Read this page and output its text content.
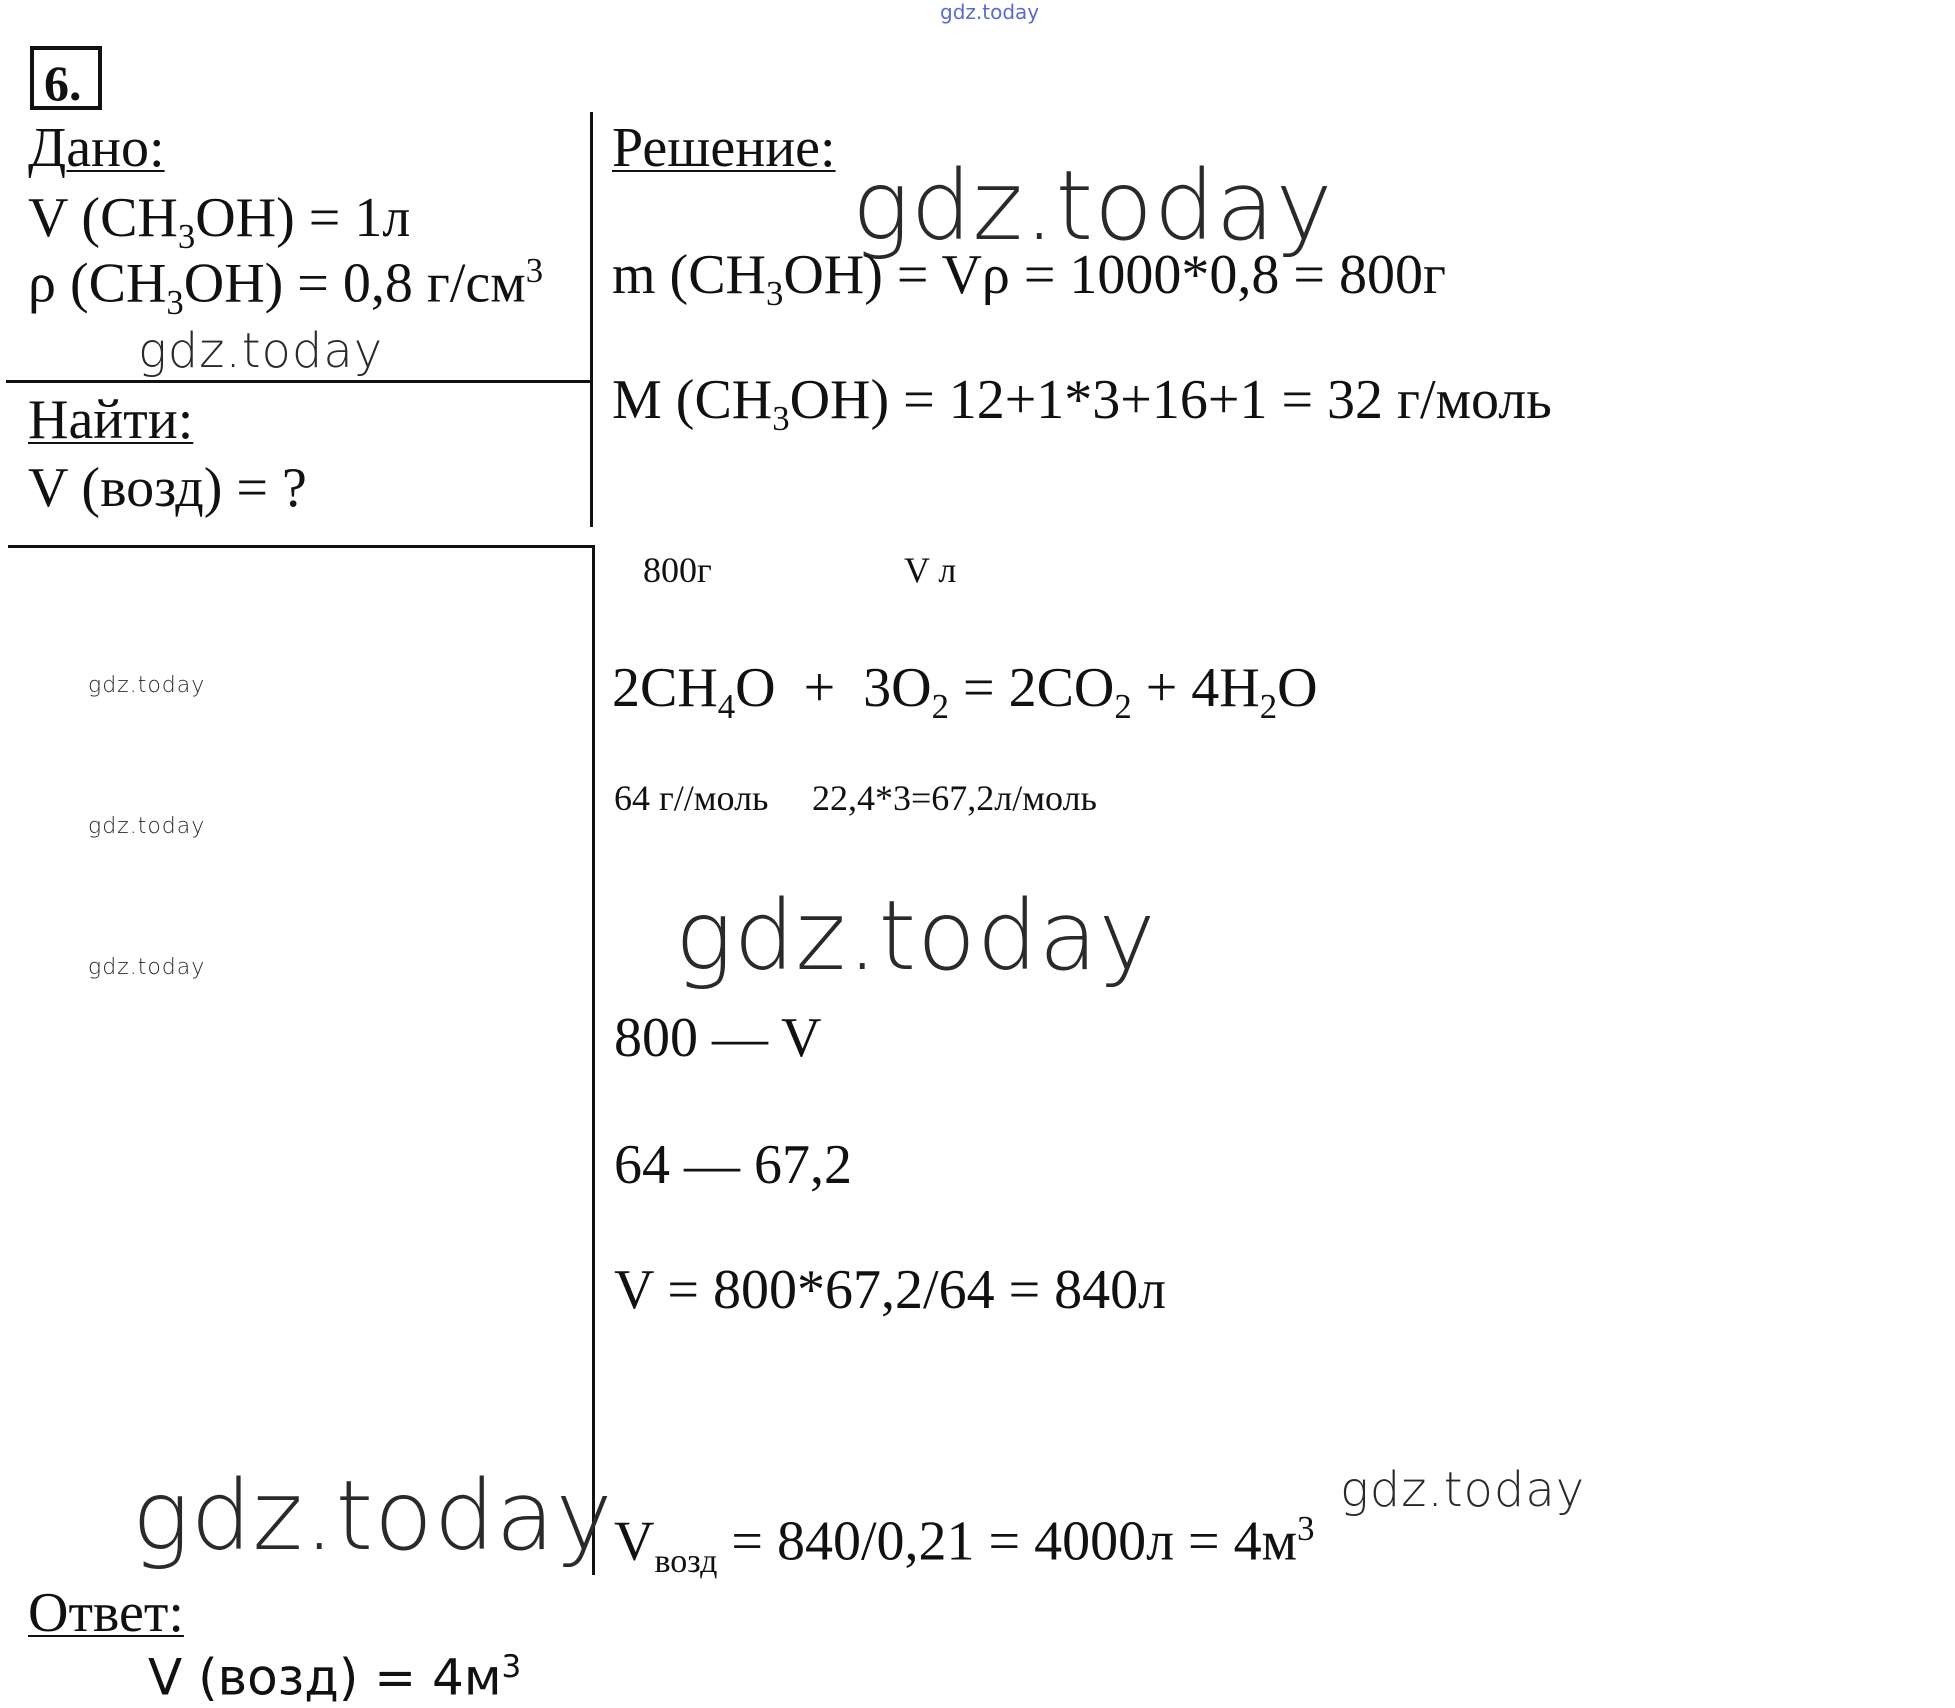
gdz.today
6.
Дано:
V $(CH_3OH) = 1л$
ρ $(CH_3OH) = 0,8$ $г/см^3$
gdz.today
Найти:
V (возд) = ?
gdz.today
gdz.today
gdz.today
Решение:
gdz.today
m $(CH_3OH) = V\rho = 1000*0,8 = 800г$
M $(CH_3OH) = 12+1*3+16+1 = 32$ г/моль
800г	V л
$2CH_4O + 3O_2 = 2CO_2 + 4H_2O$
64 г//моль 22,4*3=67,2л/моль
gdz.today
800 — V
64 — 67,2
V = 800*67,2/64 = 840л
gdz.today
$V_{возд} = 840/0,21 = 4000л = 4м^3$
gdz.today
Ответ:
V (возд) = $4м^3$
